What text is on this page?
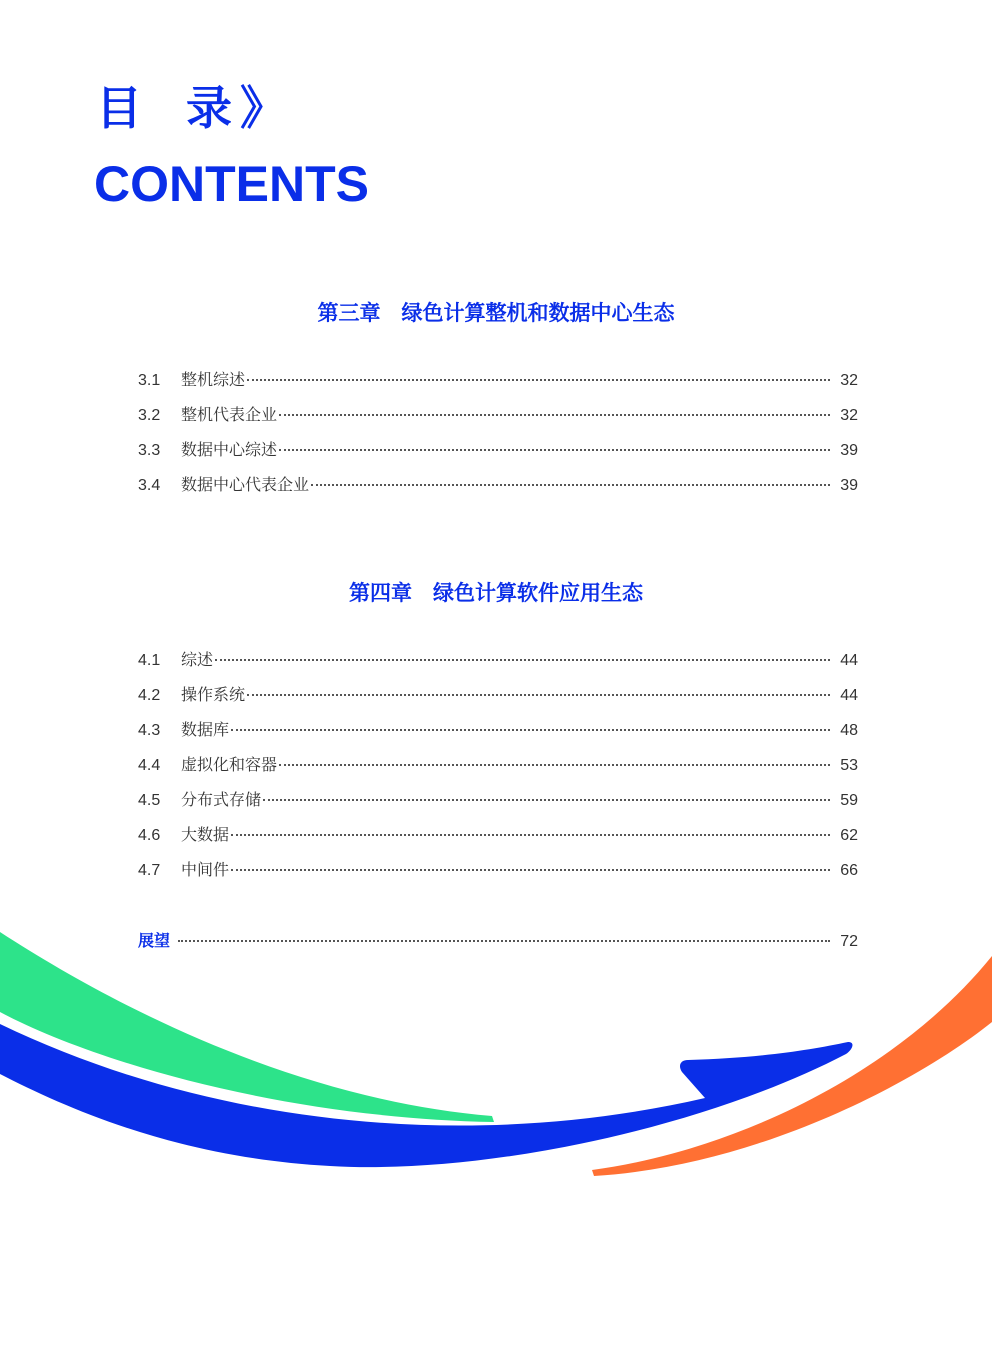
目 录》
CONTENTS
第三章　绿色计算整机和数据中心生态
3.1	整机综述	32
3.2	整机代表企业	32
3.3	数据中心综述	39
3.4	数据中心代表企业	39
第四章　绿色计算软件应用生态
4.1	综述	44
4.2	操作系统	44
4.3	数据库	48
4.4	虚拟化和容器	53
4.5	分布式存储	59
4.6	大数据	62
4.7	中间件	66
展望	72
